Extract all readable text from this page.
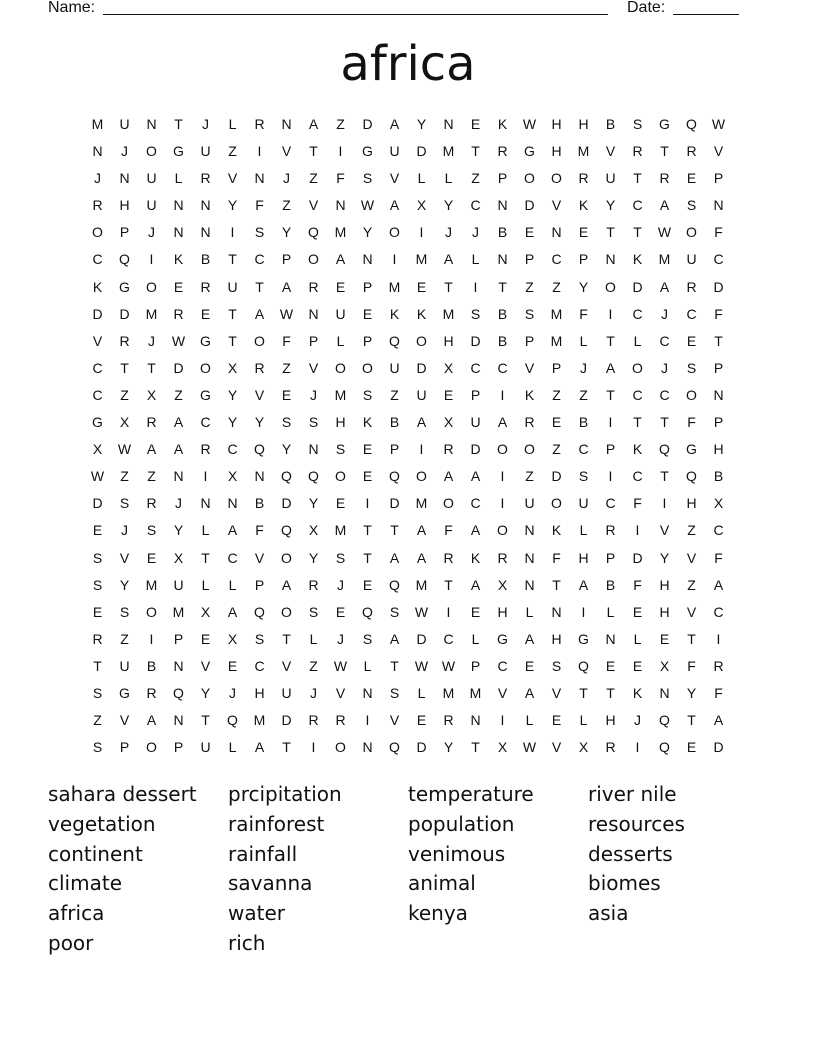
Name:	Date:
africa
M	U	N	T	J	L	R	N	A	Z	D	A	Y	N	E	K	W	H	H	B	S	G	Q	W
N	J	O	G	U	Z	I	V	T	I	G	U	D	M	T	R	G	H	M	V	R	T	R	V
J	N	U	L	R	V	N	J	Z	F	S	V	L	L	Z	P	O	O	R	U	T	R	E	P
R	H	U	N	N	Y	F	Z	V	N	W	A	X	Y	C	N	D	V	K	Y	C	A	S	N
O	P	J	N	N	I	S	Y	Q	M	Y	O	I	J	J	B	E	N	E	T	T	W	O	F
C	Q	I	K	B	T	C	P	O	A	N	I	M	A	L	N	P	C	P	N	K	M	U	C
K	G	O	E	R	U	T	A	R	E	P	M	E	T	I	T	Z	Z	Y	O	D	A	R	D
D	D	M	R	E	T	A	W	N	U	E	K	K	M	S	B	S	M	F	I	C	J	C	F
V	R	J	W	G	T	O	F	P	L	P	Q	O	H	D	B	P	M	L	T	L	C	E	T
C	T	T	D	O	X	R	Z	V	O	O	U	D	X	C	C	V	P	J	A	O	J	S	P
C	Z	X	Z	G	Y	V	E	J	M	S	Z	U	E	P	I	K	Z	Z	T	C	C	O	N
G	X	R	A	C	Y	Y	S	S	H	K	B	A	X	U	A	R	E	B	I	T	T	F	P
X	W	A	A	R	C	Q	Y	N	S	E	P	I	R	D	O	O	Z	C	P	K	Q	G	H
W	Z	Z	N	I	X	N	Q	Q	O	E	Q	O	A	A	I	Z	D	S	I	C	T	Q	B
D	S	R	J	N	N	B	D	Y	E	I	D	M	O	C	I	U	O	U	C	F	I	H	X
E	J	S	Y	L	A	F	Q	X	M	T	T	A	F	A	O	N	K	L	R	I	V	Z	C
S	V	E	X	T	C	V	O	Y	S	T	A	A	R	K	R	N	F	H	P	D	Y	V	F
S	Y	M	U	L	L	P	A	R	J	E	Q	M	T	A	X	N	T	A	B	F	H	Z	A
E	S	O	M	X	A	Q	O	S	E	Q	S	W	I	E	H	L	N	I	L	E	H	V	C
R	Z	I	P	E	X	S	T	L	J	S	A	D	C	L	G	A	H	G	N	L	E	T	I
T	U	B	N	V	E	C	V	Z	W	L	T	W W	P	C	E	S	Q	E	E	X	F	R
S	G	R	Q	Y	J	H	U	J	V	N	S	L	M	M	V	A	V	T	T	K	N	Y	F
Z	V	A	N	T	Q	M	D	R	R	I	V	E	R	N	I	L	E	L	H	J	Q	T	A
S	P	O	P	U	L	A	T	I	O	N	Q	D	Y	T	X	W	V	X	R	I	Q	E	D
sahara dessert	prcipitation	temperature	river nile
vegetation	rainforest	population	resources
continent	rainfall	venimous	desserts
climate	savanna	animal	biomes
africa	water	kenya	asia
poor	rich
